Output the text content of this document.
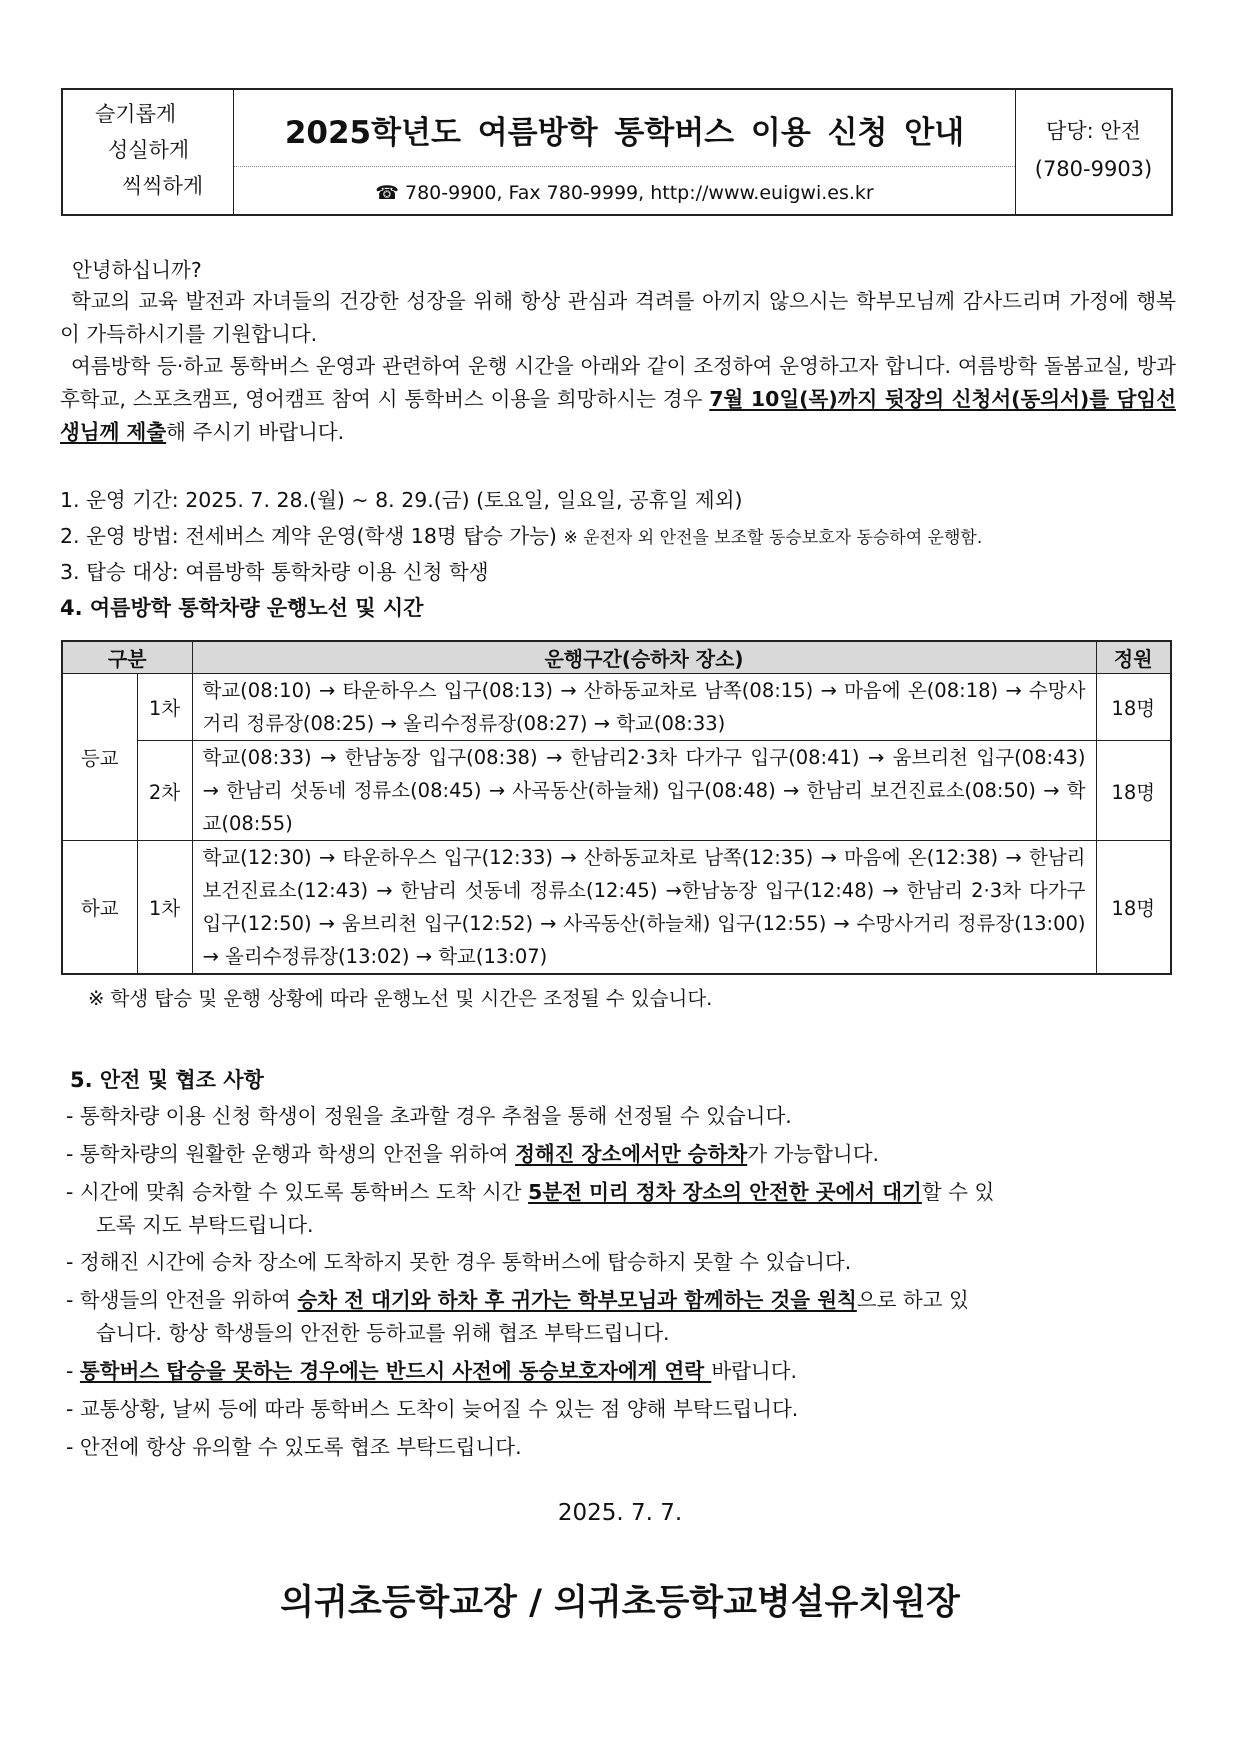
슬기롭게
성실하게
씩씩하게
2025학년도 여름방학 통학버스 이용 신청 안내
☎ 780-9900, Fax 780-9999, http://www.euigwi.es.kr
담당: 안전
(780-9903)
안녕하십니까?
학교의 교육 발전과 자녀들의 건강한 성장을 위해 항상 관심과 격려를 아끼지 않으시는 학부모님께 감사드리며 가정에 행복이 가득하시기를 기원합니다.
여름방학 등·하교 통학버스 운영과 관련하여 운행 시간을 아래와 같이 조정하여 운영하고자 합니다. 여름방학 돌봄교실, 방과후학교, 스포츠캠프, 영어캠프 참여 시 통학버스 이용을 희망하시는 경우 7월 10일(목)까지 뒷장의 신청서(동의서)를 담임선생님께 제출해 주시기 바랍니다.
1. 운영 기간: 2025. 7. 28.(월) ~ 8. 29.(금) (토요일, 일요일, 공휴일 제외)
2. 운영 방법: 전세버스 계약 운영(학생 18명 탑승 가능) ※ 운전자 외 안전을 보조할 동승보호자 동승하여 운행함.
3. 탑승 대상: 여름방학 통학차량 이용 신청 학생
4. 여름방학 통학차량 운행노선 및 시간
구분		운행구간(승하차 장소)	정원
등교	1차	학교(08:10) → 타운하우스 입구(08:13) → 산하동교차로 남쪽(08:15) → 마음에 온(08:18) → 수망사거리 정류장(08:25) → 올리수정류장(08:27) → 학교(08:33)	18명
	2차	학교(08:33) → 한남농장 입구(08:38) → 한남리2·3차 다가구 입구(08:41) → 움브리천 입구(08:43) → 한남리 섯동네 정류소(08:45) → 사곡동산(하늘채) 입구(08:48) → 한남리 보건진료소(08:50) → 학교(08:55)	18명
하교	1차	학교(12:30) → 타운하우스 입구(12:33) → 산하동교차로 남쪽(12:35) → 마음에 온(12:38) → 한남리 보건진료소(12:43) → 한남리 섯동네 정류소(12:45) →한남농장 입구(12:48) → 한남리 2·3차 다가구 입구(12:50) → 움브리천 입구(12:52) → 사곡동산(하늘채) 입구(12:55) → 수망사거리 정류장(13:00) → 올리수정류장(13:02) → 학교(13:07)	18명
※ 학생 탑승 및 운행 상황에 따라 운행노선 및 시간은 조정될 수 있습니다.
5. 안전 및 협조 사항
- 통학차량 이용 신청 학생이 정원을 초과할 경우 추첨을 통해 선정될 수 있습니다.
- 통학차량의 원활한 운행과 학생의 안전을 위하여 정해진 장소에서만 승하차가 가능합니다.
- 시간에 맞춰 승차할 수 있도록 통학버스 도착 시간 5분전 미리 정차 장소의 안전한 곳에서 대기할 수 있
도록 지도 부탁드립니다.
- 정해진 시간에 승차 장소에 도착하지 못한 경우 통학버스에 탑승하지 못할 수 있습니다.
- 학생들의 안전을 위하여 승차 전 대기와 하차 후 귀가는 학부모님과 함께하는 것을 원칙으로 하고 있
습니다. 항상 학생들의 안전한 등하교를 위해 협조 부탁드립니다.
- 통학버스 탑승을 못하는 경우에는 반드시 사전에 동승보호자에게 연락 바랍니다.
- 교통상황, 날씨 등에 따라 통학버스 도착이 늦어질 수 있는 점 양해 부탁드립니다.
- 안전에 항상 유의할 수 있도록 협조 부탁드립니다.
2025. 7. 7.
의귀초등학교장 / 의귀초등학교병설유치원장
